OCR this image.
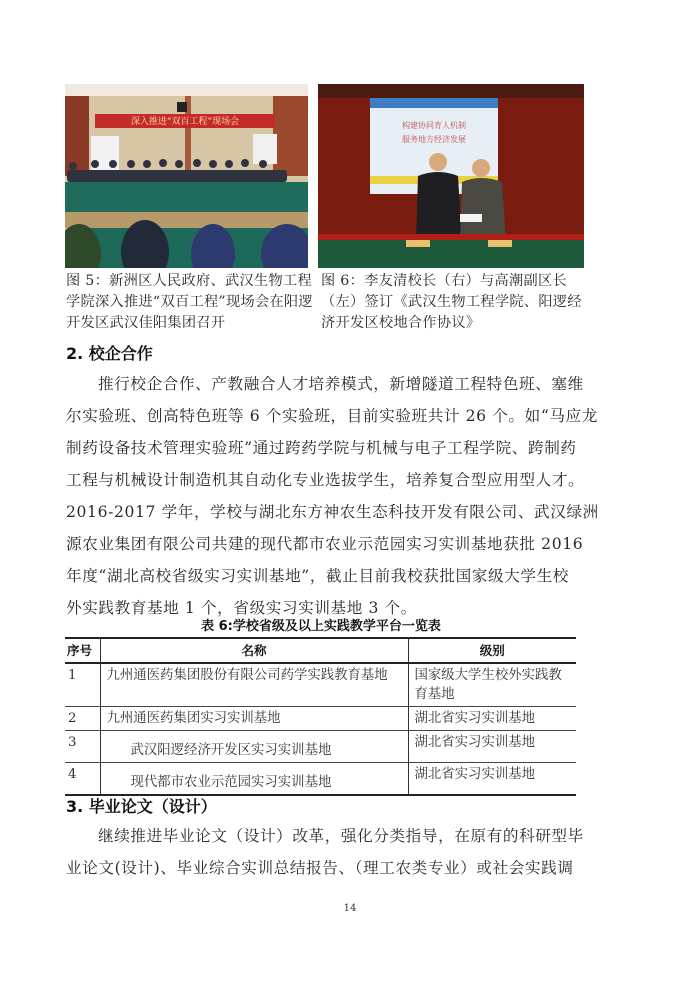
深入推进“双百工程”现场会	构建协同育人机制
服务地方经济发展
图 5：新洲区人民政府、武汉生物工程学院深入推进“双百工程”现场会在阳逻开发区武汉佳阳集团召开
图 6：李友清校长（右）与高潮副区长（左）签订《武汉生物工程学院、阳逻经济开发区校地合作协议》
2. 校企合作
推行校企合作、产教融合人才培养模式，新增隧道工程特色班、塞维
尔实验班、创高特色班等 6 个实验班，目前实验班共计 26 个。如“马应龙
制药设备技术管理实验班”通过跨药学院与机械与电子工程学院、跨制药
工程与机械设计制造机其自动化专业选拔学生，培养复合型应用型人才。
2016-2017 学年，学校与湖北东方神农生态科技开发有限公司、武汉绿洲
源农业集团有限公司共建的现代都市农业示范园实习实训基地获批 2016
年度“湖北高校省级实习实训基地”，截止目前我校获批国家级大学生校
外实践教育基地 1 个，省级实习实训基地 3 个。
表 6:学校省级及以上实践教学平台一览表
序号	名称	级别
1	九州通医药集团股份有限公司药学实践教育基地	国家级大学生校外实践教育基地
2	九州通医药集团实习实训基地	湖北省实习实训基地
3	武汉阳逻经济开发区实习实训基地	湖北省实习实训基地
4	现代都市农业示范园实习实训基地	湖北省实习实训基地
3. 毕业论文（设计）
继续推进毕业论文（设计）改革，强化分类指导，在原有的科研型毕
业论文(设计)、毕业综合实训总结报告、（理工农类专业）或社会实践调
14
